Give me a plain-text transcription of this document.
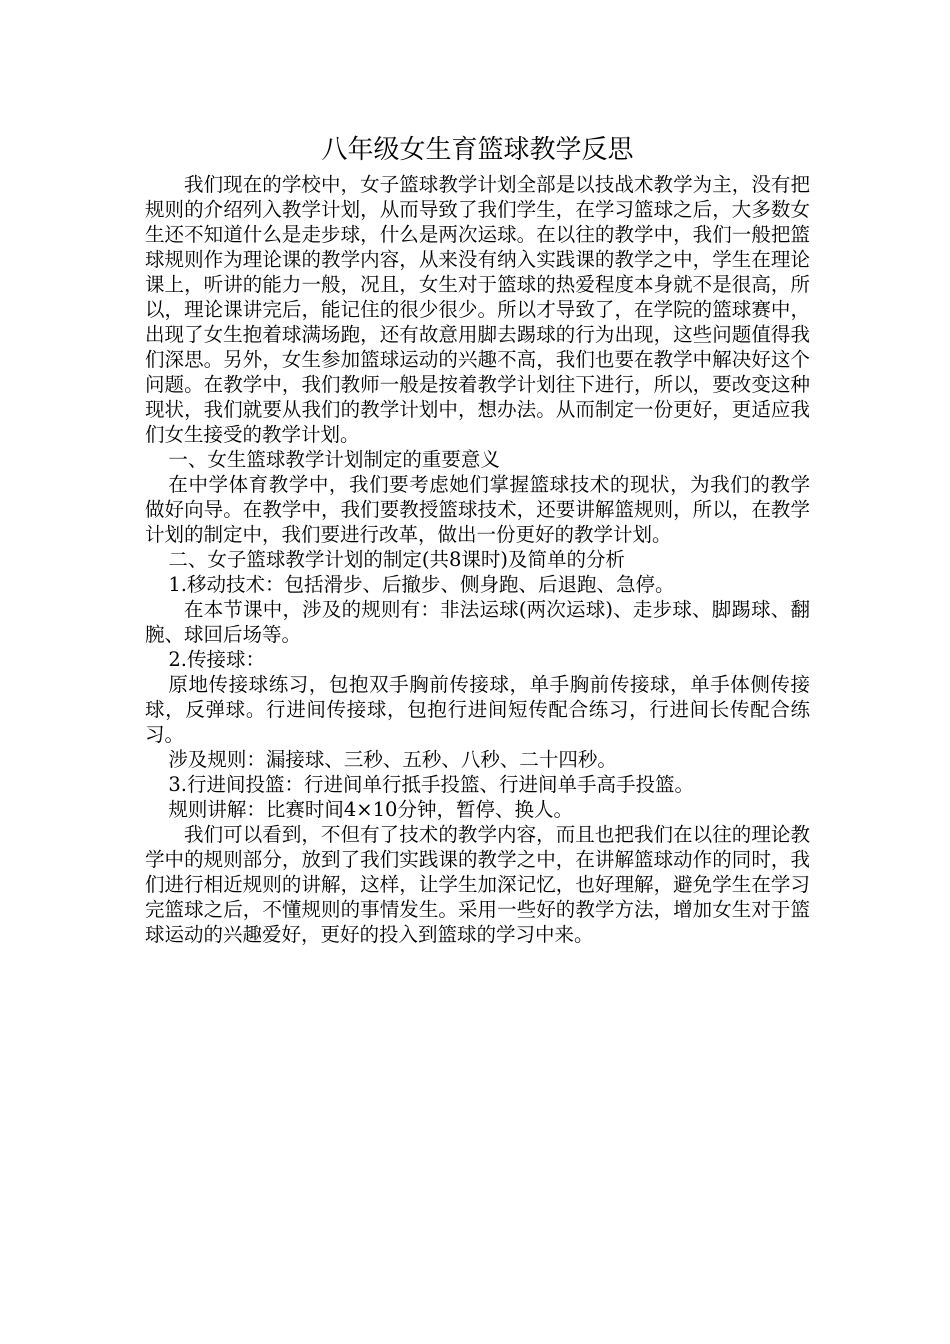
八年级女生育篮球教学反思

我们现在的学校中，女子篮球教学计划全部是以技战术教学为主，没有把规则的介绍列入教学计划，从而导致了我们学生，在学习篮球之后，大多数女生还不知道什么是走步球，什么是两次运球。在以往的教学中，我们一般把篮球规则作为理论课的教学内容，从来没有纳入实践课的教学之中，学生在理论课上，听讲的能力一般，况且，女生对于篮球的热爱程度本身就不是很高，所以，理论课讲完后，能记住的很少很少。所以才导致了，在学院的篮球赛中，出现了女生抱着球满场跑，还有故意用脚去踢球的行为出现，这些问题值得我们深思。另外，女生参加篮球运动的兴趣不高，我们也要在教学中解决好这个问题。在教学中，我们教师一般是按着教学计划往下进行，所以，要改变这种现状，我们就要从我们的教学计划中，想办法。从而制定一份更好，更适应我们女生接受的教学计划。

一、女生篮球教学计划制定的重要意义

在中学体育教学中，我们要考虑她们掌握篮球技术的现状，为我们的教学做好向导。在教学中，我们要教授篮球技术，还要讲解篮规则，所以，在教学计划的制定中，我们要进行改革，做出一份更好的教学计划。

二、女子篮球教学计划的制定(共8课时)及简单的分析

1.移动技术：包括滑步、后撤步、侧身跑、后退跑、急停。

在本节课中，涉及的规则有：非法运球(两次运球)、走步球、脚踢球、翻腕、球回后场等。

2.传接球：

原地传接球练习，包抱双手胸前传接球，单手胸前传接球，单手体侧传接球，反弹球。行进间传接球，包抱行进间短传配合练习，行进间长传配合练习。

涉及规则：漏接球、三秒、五秒、八秒、二十四秒。

3.行进间投篮：行进间单行抵手投篮、行进间单手高手投篮。

规则讲解：比赛时间4×10分钟，暂停、换人。

我们可以看到，不但有了技术的教学内容，而且也把我们在以往的理论教学中的规则部分，放到了我们实践课的教学之中，在讲解篮球动作的同时，我们进行相近规则的讲解，这样，让学生加深记忆，也好理解，避免学生在学习完篮球之后，不懂规则的事情发生。采用一些好的教学方法，增加女生对于篮球运动的兴趣爱好，更好的投入到篮球的学习中来。
